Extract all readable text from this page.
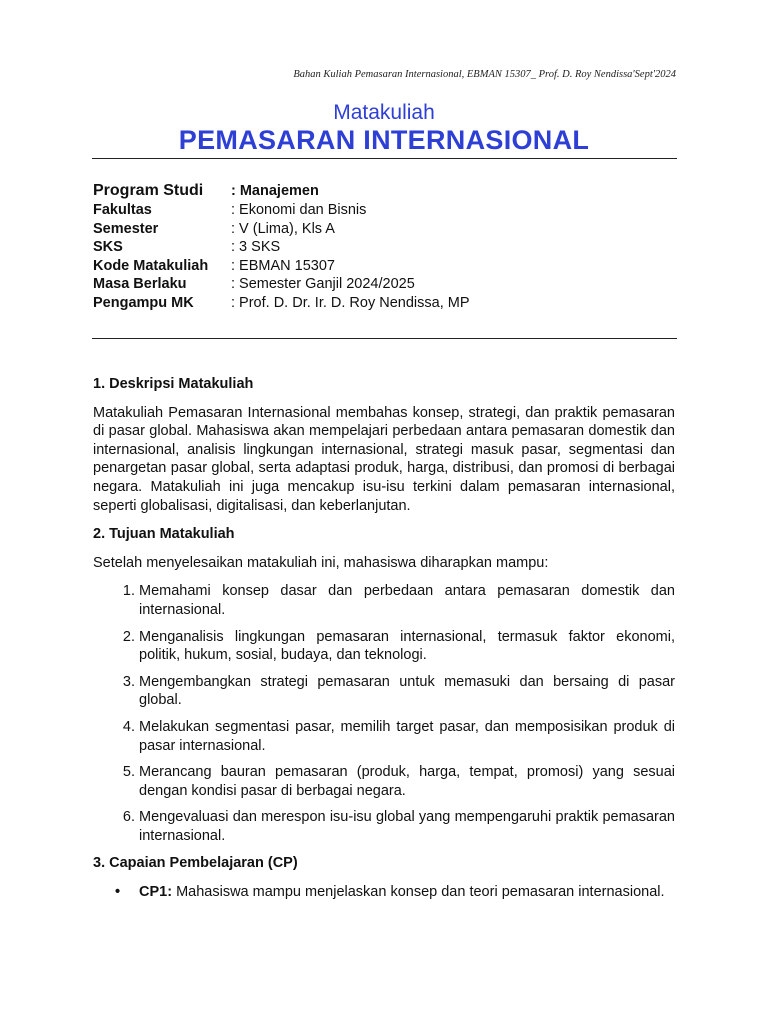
Bahan Kuliah Pemasaran Internasional, EBMAN 15307_ Prof. D. Roy Nendissa'Sept'2024
Matakuliah
PEMASARAN INTERNASIONAL
Program Studi : Manajemen
Fakultas	: Ekonomi dan Bisnis
Semester	: V (Lima), Kls A
SKS	: 3 SKS
Kode Matakuliah : EBMAN 15307
Masa Berlaku	: Semester Ganjil 2024/2025
Pengampu MK	: Prof. D. Dr. Ir. D. Roy Nendissa, MP
1. Deskripsi Matakuliah

Matakuliah Pemasaran Internasional membahas konsep, strategi, dan praktik pemasaran di pasar global. Mahasiswa akan mempelajari perbedaan antara pemasaran domestik dan internasional, analisis lingkungan internasional, strategi masuk pasar, segmentasi dan penargetan pasar global, serta adaptasi produk, harga, distribusi, dan promosi di berbagai negara. Matakuliah ini juga mencakup isu-isu terkini dalam pemasaran internasional, seperti globalisasi, digitalisasi, dan keberlanjutan.

2. Tujuan Matakuliah

Setelah menyelesaikan matakuliah ini, mahasiswa diharapkan mampu:

1. Memahami konsep dasar dan perbedaan antara pemasaran domestik dan internasional.
2. Menganalisis lingkungan pemasaran internasional, termasuk faktor ekonomi, politik, hukum, sosial, budaya, dan teknologi.
3. Mengembangkan strategi pemasaran untuk memasuki dan bersaing di pasar global.
4. Melakukan segmentasi pasar, memilih target pasar, dan memposisikan produk di pasar internasional.
5. Merancang bauran pemasaran (produk, harga, tempat, promosi) yang sesuai dengan kondisi pasar di berbagai negara.
6. Mengevaluasi dan merespon isu-isu global yang mempengaruhi praktik pemasaran internasional.
3. Capaian Pembelajaran (CP)
• CP1: Mahasiswa mampu menjelaskan konsep dan teori pemasaran internasional.
